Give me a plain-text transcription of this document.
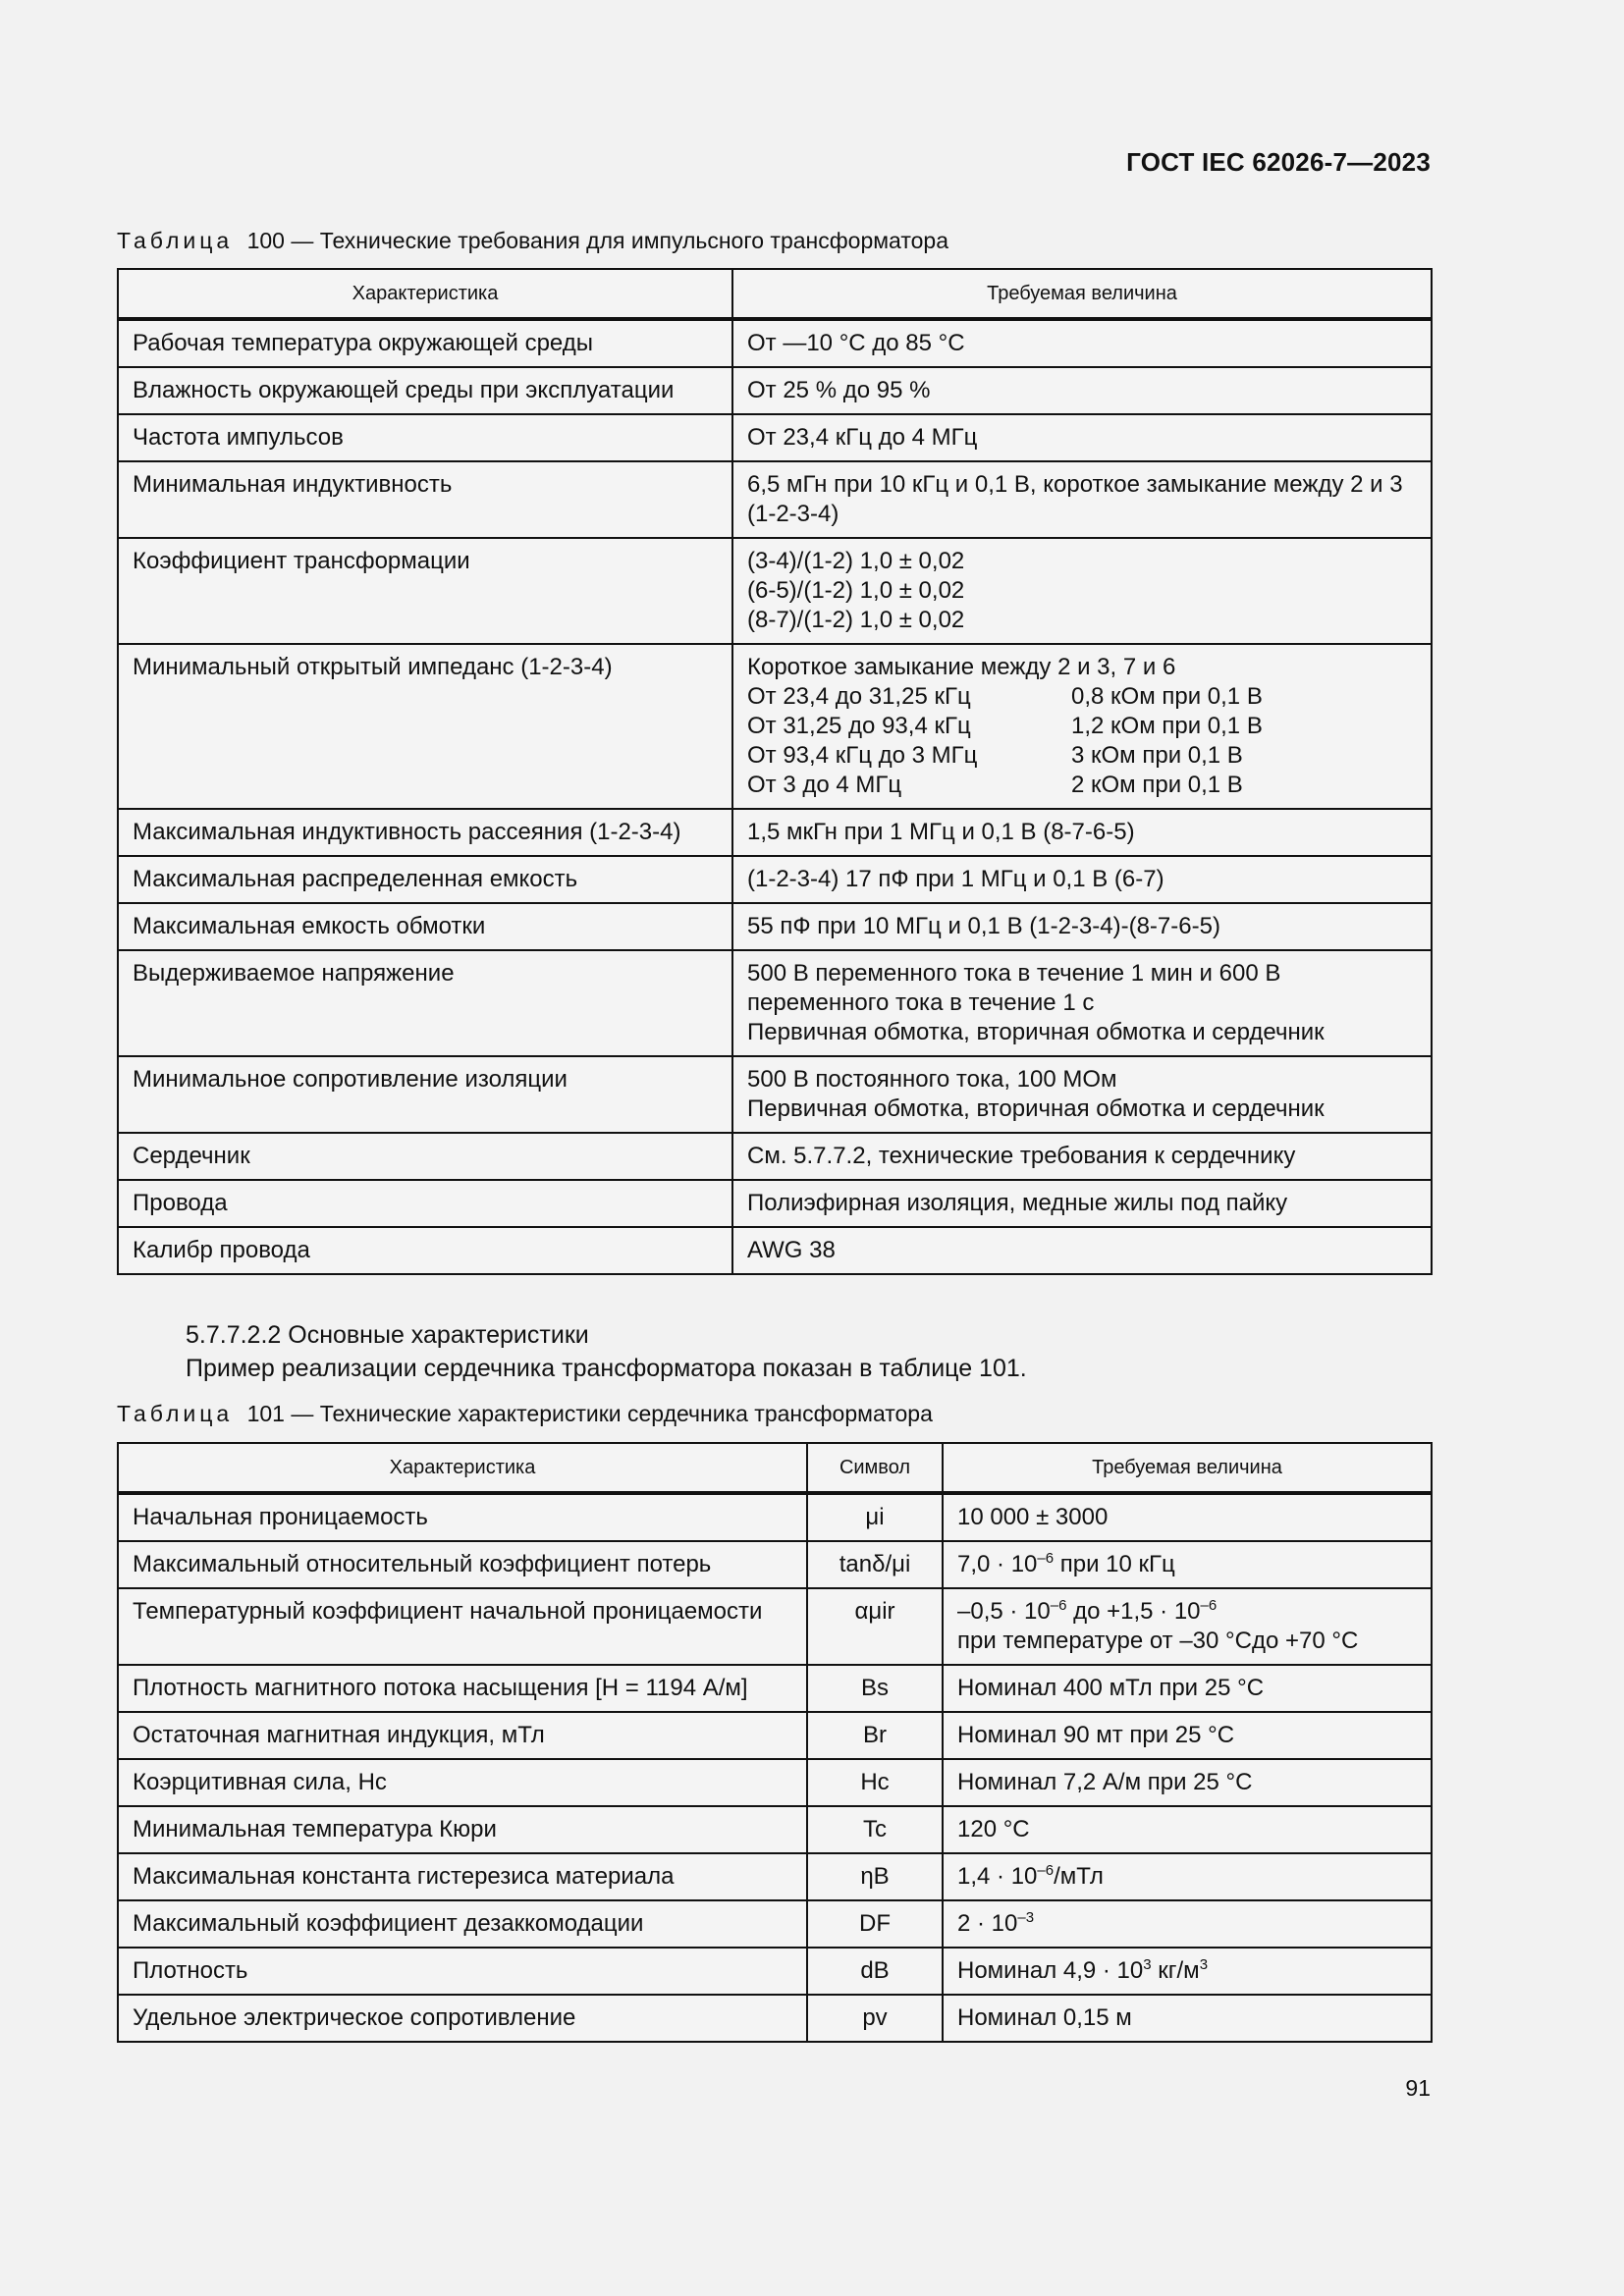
ГОСТ IEC 62026-7—2023
Таблица 100 — Технические требования для импульсного трансформатора
Характеристика	Требуемая величина
Рабочая температура окружающей среды	От —10 °С до 85 °С

Влажность окружающей среды при эксплуатации	От 25 % до 95 %

Частота импульсов	От 23,4 кГц до 4 МГц

Минимальная индуктивность	6,5 мГн при 10 кГц и 0,1 В, короткое замыкание между 2 и 3 (1-2-3-4)

Коэффициент трансформации	(3-4)/(1-2) 1,0 ± 0,02
(6-5)/(1-2) 1,0 ± 0,02
(8-7)/(1-2) 1,0 ± 0,02

Минимальный открытый импеданс (1-2-3-4)	Короткое замыкание между 2 и 3, 7 и 6
От 23,4 до 31,25 кГц 0,8 кОм при 0,1 В
От 31,25 до 93,4 кГц 1,2 кОм при 0,1 В
От 93,4 кГц до 3 МГц 3 кОм при 0,1 В
От 3 до 4 МГц 2 кОм при 0,1 В

Максимальная индуктивность рассеяния (1-2-3-4)	1,5 мкГн при 1 МГц и 0,1 В (8-7-6-5)

Максимальная распределенная емкость	(1-2-3-4) 17 пФ при 1 МГц и 0,1 В (6-7)

Максимальная емкость обмотки	55 пФ при 10 МГц и 0,1 В (1-2-3-4)-(8-7-6-5)

Выдерживаемое напряжение	500 В переменного тока в течение 1 мин и 600 В переменного тока в течение 1 с
Первичная обмотка, вторичная обмотка и сердечник

Минимальное сопротивление изоляции	500 В постоянного тока, 100 МОм
Первичная обмотка, вторичная обмотка и сердечник

Сердечник	См. 5.7.7.2, технические требования к сердечнику

Провода	Полиэфирная изоляция, медные жилы под пайку

Калибр провода	AWG 38
5.7.7.2.2 Основные характеристики
Пример реализации сердечника трансформатора показан в таблице 101.
Таблица 101 — Технические характеристики сердечника трансформатора
Характеристика	Символ	Требуемая величина
Начальная проницаемость	μi	10 000 ± 3000
Максимальный относительный коэффициент потерь	tanδ/μi	$7,0 \cdot 10^{-6}$ при 10 кГц
Температурный коэффициент начальной проницаемости	αμir	$-0,5 \cdot 10^{-6}$ до $+1,5 \cdot 10^{-6}$
при температуре от –30 °Сдо +70 °С

Плотность магнитного потока насыщения [H = 1194 А/м]	Bs	Номинал 400 мТл при 25 °С
Остаточная магнитная индукция, мТл	Br	Номинал 90 мт при 25 °С
Коэрцитивная сила, Hc	Hc	Номинал 7,2 А/м при 25 °С
Минимальная температура Кюри	Tc	120 °С
Максимальная константа гистерезиса материала	ηB	$1,4 \cdot 10^{-6}$/мТл
Максимальный коэффициент дезаккомодации	DF	$2 \cdot 10^{-3}$
Плотность	dB	Номинал $4,9 \cdot 10^3$ $кг/м^3$
Удельное электрическое сопротивление	pv	Номинал 0,15 м
91
